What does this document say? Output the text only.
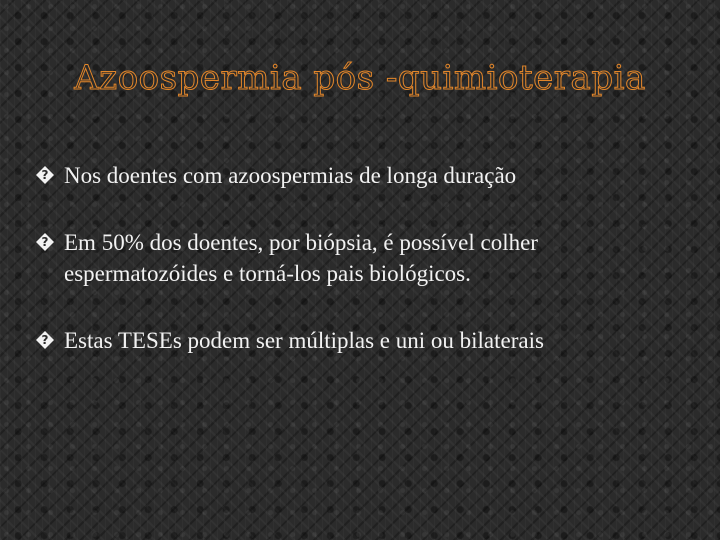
Azoospermia pós -quimioterapia
? Nos doentes com azoospermias de longa duração
? Em 50% dos doentes, por biópsia, é possível colher espermatozóides e torná-los pais biológicos.
? Estas TESEs podem ser múltiplas e uni ou bilaterais
